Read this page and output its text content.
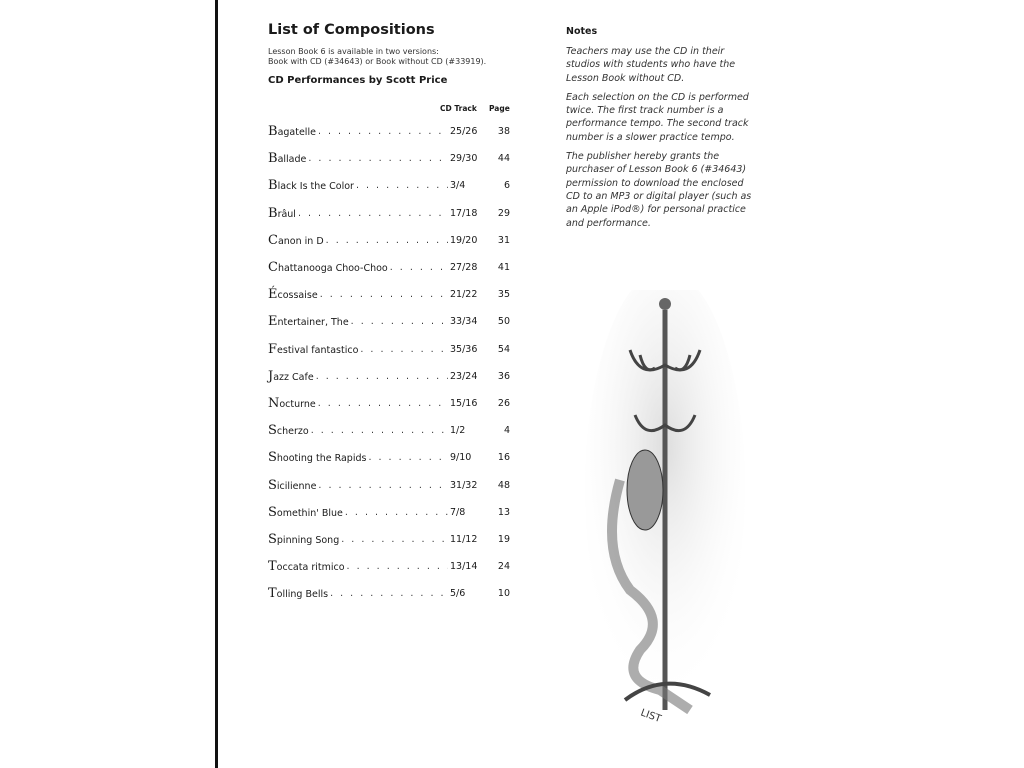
List of Compositions
Lesson Book 6 is available in two versions:
Book with CD (#34643) or Book without CD (#33919).
CD Performances by Scott Price
CD Track Page
Bagatelle . . .	25/26	38
Ballade . . .	29/30	44
Black Is the Color . . .	3/4	6
Brâul . . .	17/18	29
Canon in D . . .	19/20	31
Chattanooga Choo-Choo . . .	27/28	41
Écossaise . . .	21/22	35
Entertainer, The . . .	33/34	50
Festival fantastico . . .	35/36	54
Jazz Cafe . . .	23/24	36
Nocturne . . .	15/16	26
Scherzo . . .	1/2	4
Shooting the Rapids . . .	9/10	16
Sicilienne . . .	31/32	48
Somethin' Blue . . .	7/8	13
Spinning Song . . .	11/12	19
Toccata ritmico . . .	13/14	24
Tolling Bells . . .	5/6	10
Notes

Teachers may use the CD in their studios with students who have the Lesson Book without CD.

Each selection on the CD is performed twice. The first track number is a performance tempo. The second track number is a slower practice tempo.

The publisher hereby grants the purchaser of Lesson Book 6 (#34643) permission to download the enclosed CD to an MP3 or digital player (such as an Apple iPod®) for personal practice and performance.

LIST
